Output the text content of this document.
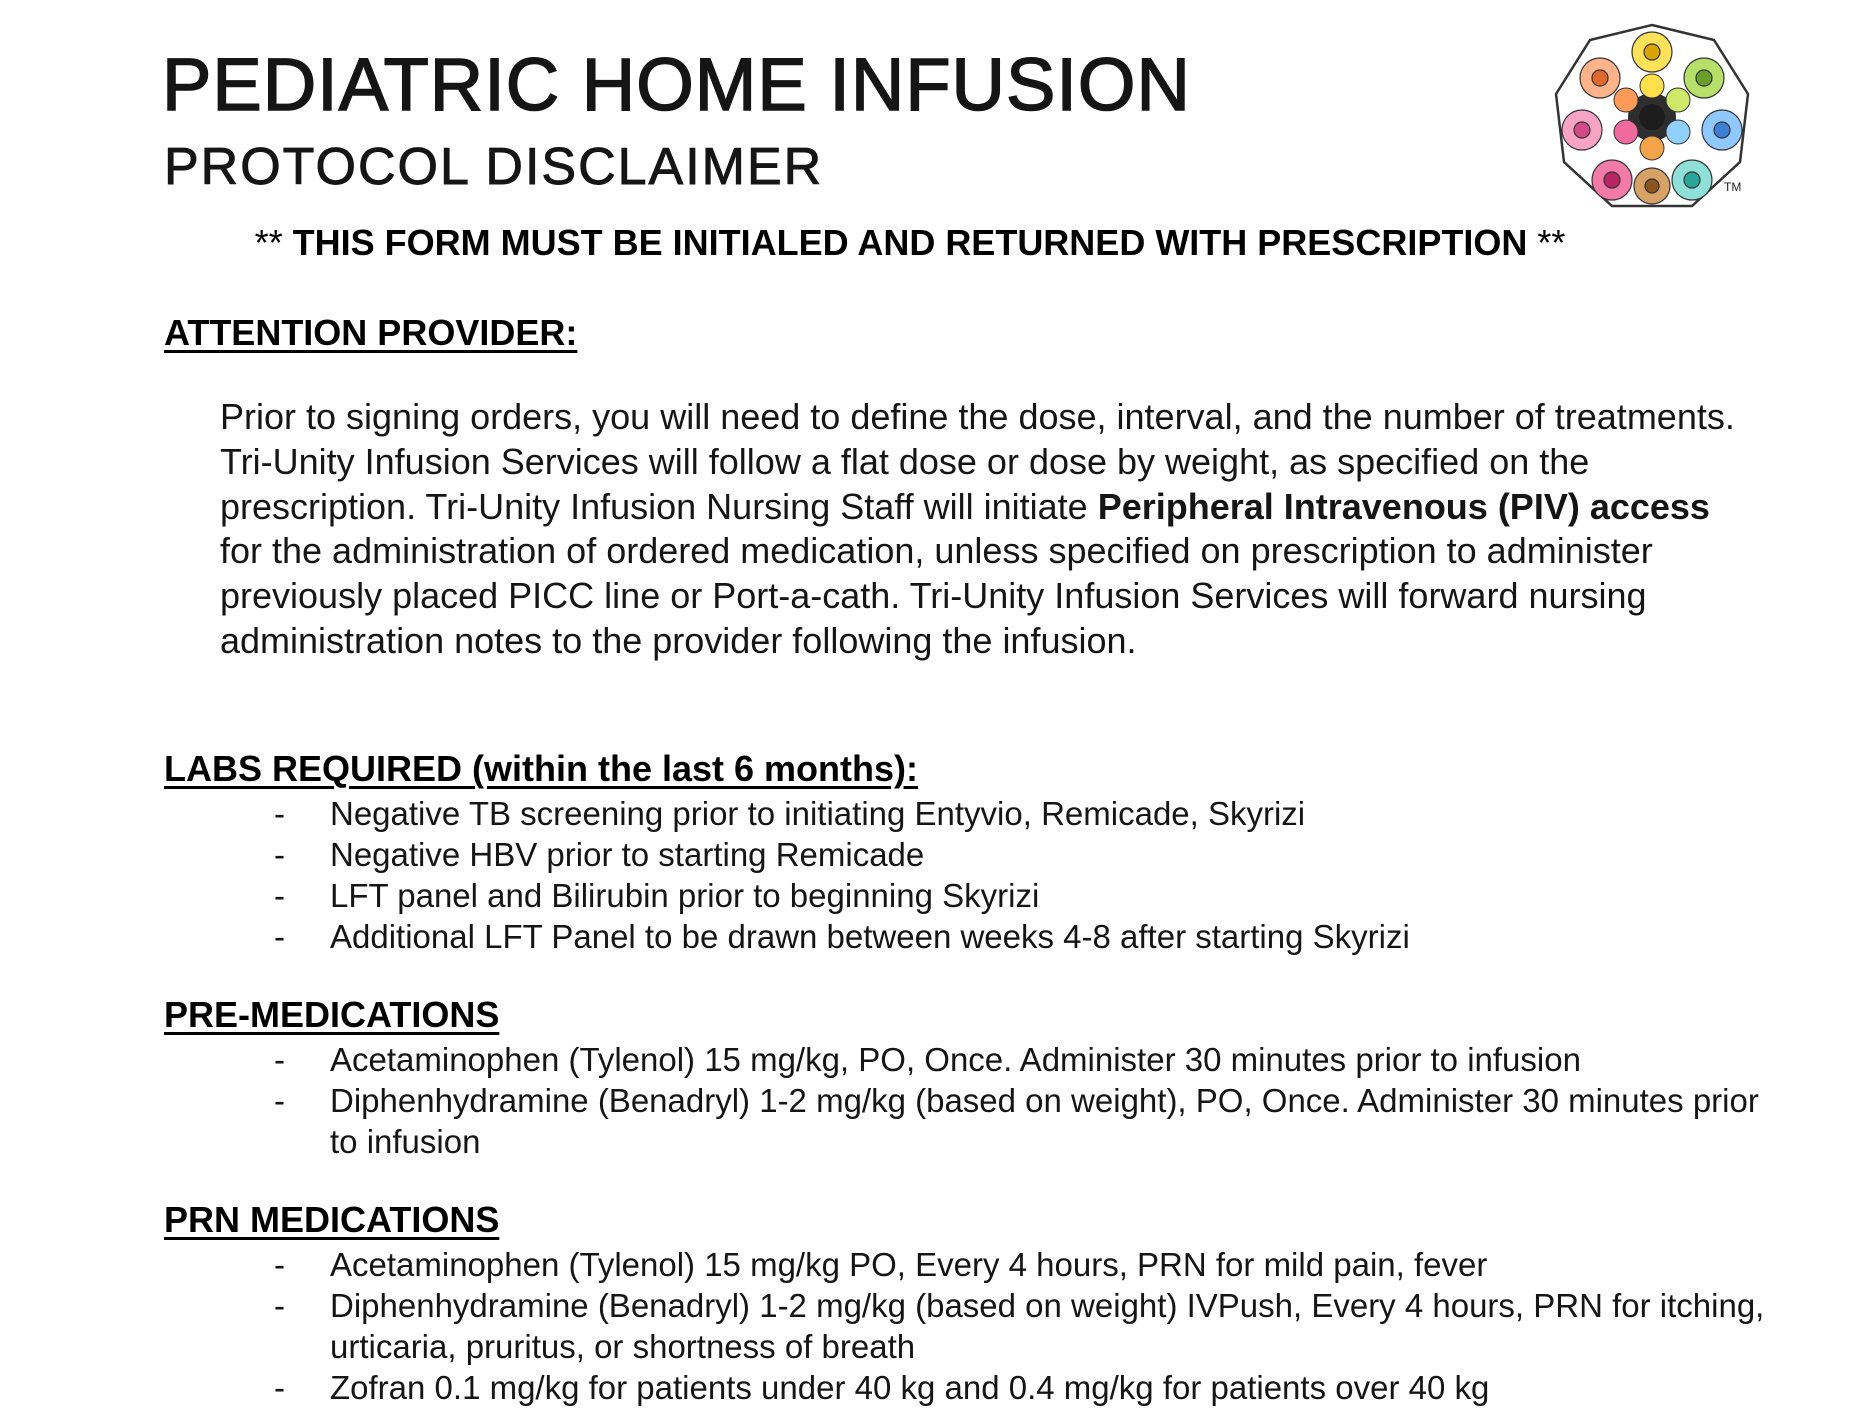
PEDIATRIC HOME INFUSION
PROTOCOL DISCLAIMER	TM
** THIS FORM MUST BE INITIALED AND RETURNED WITH PRESCRIPTION **
ATTENTION PROVIDER:

Prior to signing orders, you will need to define the dose, interval, and the number of treatments. Tri-Unity Infusion Services will follow a flat dose or dose by weight, as specified on the prescription. Tri-Unity Infusion Nursing Staff will initiate Peripheral Intravenous (PIV) access for the administration of ordered medication, unless specified on prescription to administer previously placed PICC line or Port-a-cath. Tri-Unity Infusion Services will forward nursing administration notes to the provider following the infusion.

LABS REQUIRED (within the last 6 months):
- Negative TB screening prior to initiating Entyvio, Remicade, Skyrizi
- Negative HBV prior to starting Remicade
- LFT panel and Bilirubin prior to beginning Skyrizi
- Additional LFT Panel to be drawn between weeks 4-8 after starting Skyrizi
PRE-MEDICATIONS
- Acetaminophen (Tylenol) 15 mg/kg, PO, Once. Administer 30 minutes prior to infusion
- Diphenhydramine (Benadryl) 1-2 mg/kg (based on weight), PO, Once. Administer 30 minutes prior to infusion
PRN MEDICATIONS
- Acetaminophen (Tylenol) 15 mg/kg PO, Every 4 hours, PRN for mild pain, fever
- Diphenhydramine (Benadryl) 1-2 mg/kg (based on weight) IVPush, Every 4 hours, PRN for itching, urticaria, pruritus, or shortness of breath
- Zofran 0.1 mg/kg for patients under 40 kg and 0.4 mg/kg for patients over 40 kg
